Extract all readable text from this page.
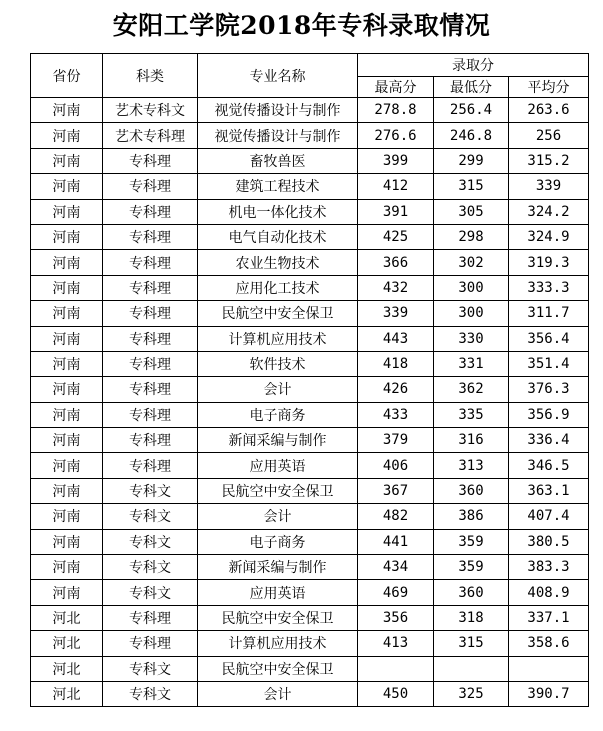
安阳工学院2018年专科录取情况
省份	科类	专业名称	录取分		
			最高分	最低分	平均分
河南	艺术专科文	视觉传播设计与制作	278.8	256.4	263.6
河南	艺术专科理	视觉传播设计与制作	276.6	246.8	256
河南	专科理	畜牧兽医	399	299	315.2
河南	专科理	建筑工程技术	412	315	339
河南	专科理	机电一体化技术	391	305	324.2
河南	专科理	电气自动化技术	425	298	324.9
河南	专科理	农业生物技术	366	302	319.3
河南	专科理	应用化工技术	432	300	333.3
河南	专科理	民航空中安全保卫	339	300	311.7
河南	专科理	计算机应用技术	443	330	356.4
河南	专科理	软件技术	418	331	351.4
河南	专科理	会计	426	362	376.3
河南	专科理	电子商务	433	335	356.9
河南	专科理	新闻采编与制作	379	316	336.4
河南	专科理	应用英语	406	313	346.5
河南	专科文	民航空中安全保卫	367	360	363.1
河南	专科文	会计	482	386	407.4
河南	专科文	电子商务	441	359	380.5
河南	专科文	新闻采编与制作	434	359	383.3
河南	专科文	应用英语	469	360	408.9
河北	专科理	民航空中安全保卫	356	318	337.1
河北	专科理	计算机应用技术	413	315	358.6
河北	专科文	民航空中安全保卫			
河北	专科文	会计	450	325	390.7
